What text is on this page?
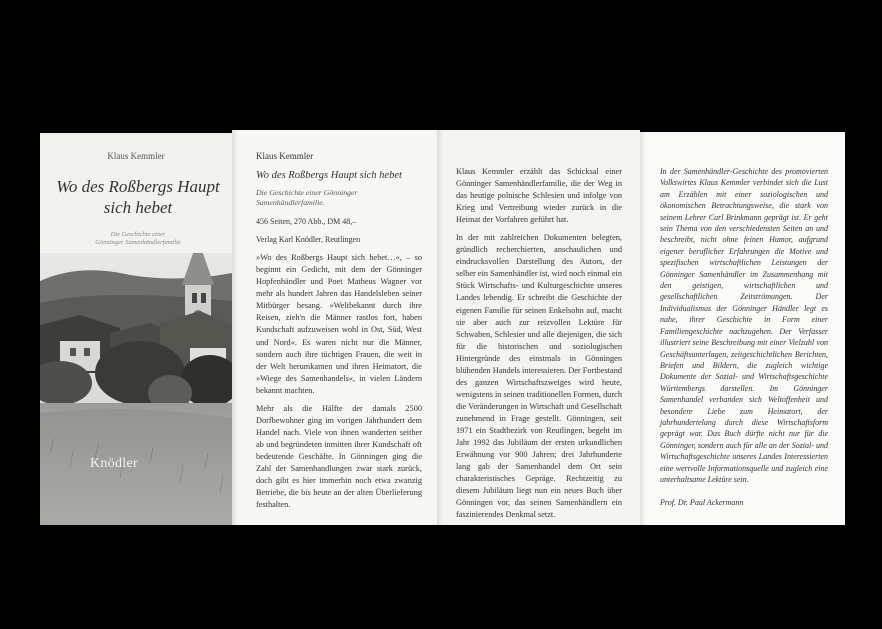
Klaus Kemmler
Wo des Roßbergs Haupt
sich hebet
Die Geschichte einer
Gönninger Samenhändlerfamilie
Knödler
Klaus Kemmler
Wo des Roßbergs Haupt sich hebet
Die Geschichte einer Gönninger
Samenhändlerfamilie.
456 Seiten, 270 Abb., DM 48,–
Verlag Karl Knödler, Reutlingen

»Wo des Roßbergs Haupt sich hebet…«, – so beginnt ein Gedicht, mit dem der Gönninger Hopfenhändler und Poet Matheus Wagner vor mehr als hundert Jahren das Handelsleben seiner Mitbürger besang. »Weltbekannt durch ihre Reisen, zieh'n die Männer rastlos fort, haben Kundschaft aufzuweisen wohl in Ost, Süd, West und Nord«. Es waren nicht nur die Männer, sondern auch ihre tüchtigen Frauen, die weit in der Welt herumkamen und ihren Heimatort, die »Wiege des Samenhandels«, in vielen Ländern bekannt machten.

Mehr als die Hälfte der damals 2500 Dorfbewohner ging im vorigen Jahrhundert dem Handel nach. Viele von ihnen wanderten seither ab und begründeten inmitten ihrer Kundschaft oft bedeutende Geschäfte. In Gönningen ging die Zahl der Samenhandlungen zwar stark zurück, doch gibt es hier immerhin noch etwa zwanzig Betriebe, die bis heute an der alten Überlieferung festhalten.

Klaus Kemmler erzählt das Schicksal einer Gönninger Samenhändlerfamilie, die der Weg in das heutige polnische Schlesien und infolge von Krieg und Vertreibung wieder zurück in die Heimat der Vorfahren geführt hat.

In der mit zahlreichen Dokumenten belegten, gründlich recherchierten, anschaulichen und eindrucksvollen Darstellung des Autors, der selber ein Samenhändler ist, wird noch einmal ein Stück Wirtschafts- und Kulturgeschichte unseres Landes lebendig. Er schreibt die Geschichte der eigenen Familie für seinen Enkelsohn auf, macht sie aber auch zur reizvollen Lektüre für Schwaben, Schlesier und alle diejenigen, die sich für die historischen und soziologischen Hintergründe des einstmals in Gönningen blühenden Handels interessieren. Der Fortbestand des ganzen Wirtschaftszweiges wird heute, wenigstens in seinen traditionellen Formen, durch die Veränderungen in Wirtschaft und Gesellschaft zunehmend in Frage gestellt. Gönningen, seit 1971 ein Stadtbezirk von Reutlingen, begeht im Jahr 1992 das Jubiläum der ersten urkundlichen Erwähnung vor 900 Jahren; drei Jahrhunderte lang gab der Samenhandel dem Ort sein charakteristisches Gepräge. Rechtzeitig zu diesem Jubiläum liegt nun ein neues Buch über Gönningen vor, das seinen Samenhändlern ein faszinierendes Denkmal setzt.

In der Samenhändler-Geschichte des promovierten Volkswirtes Klaus Kemmler verbindet sich die Lust am Erzählen mit einer soziologischen und ökonomischen Betrachtungsweise, die stark von seinem Lehrer Carl Brinkmann geprägt ist. Er geht sein Thema von den verschiedensten Seiten an und beschreibt, nicht ohne feinen Humor, aufgrund eigener beruflicher Erfahrungen die Motive und spezifischen wirtschaftlichen Leistungen der Gönninger Samenhändler im Zusammenhang mit den geistigen, wirtschaftlichen und gesellschaftlichen Zeitströmungen. Der Individualismus der Gönninger Händler legt es nahe, ihrer Geschichte in Form einer Familiengeschichte nachzugehen. Der Verfasser illustriert seine Beschreibung mit einer Vielzahl von Geschäftsunterlagen, zeitgeschichtlichen Berichten, Briefen und Bildern, die zugleich wichtige Dokumente der Sozial- und Wirtschaftsgeschichte Württembergs darstellen. Im Gönninger Samenhandel verbanden sich Weltoffenheit und besondere Liebe zum Heimatort, der jahrhundertelang durch diese Wirtschaftsform geprägt war. Das Buch dürfte nicht nur für die Gönninger, sondern auch für alle an der Sozial- und Wirtschaftsgeschichte unseres Landes Interessierten eine wertvolle Informationsquelle und zugleich eine unterhaltsame Lektüre sein.

Prof. Dr. Paul Ackermann
